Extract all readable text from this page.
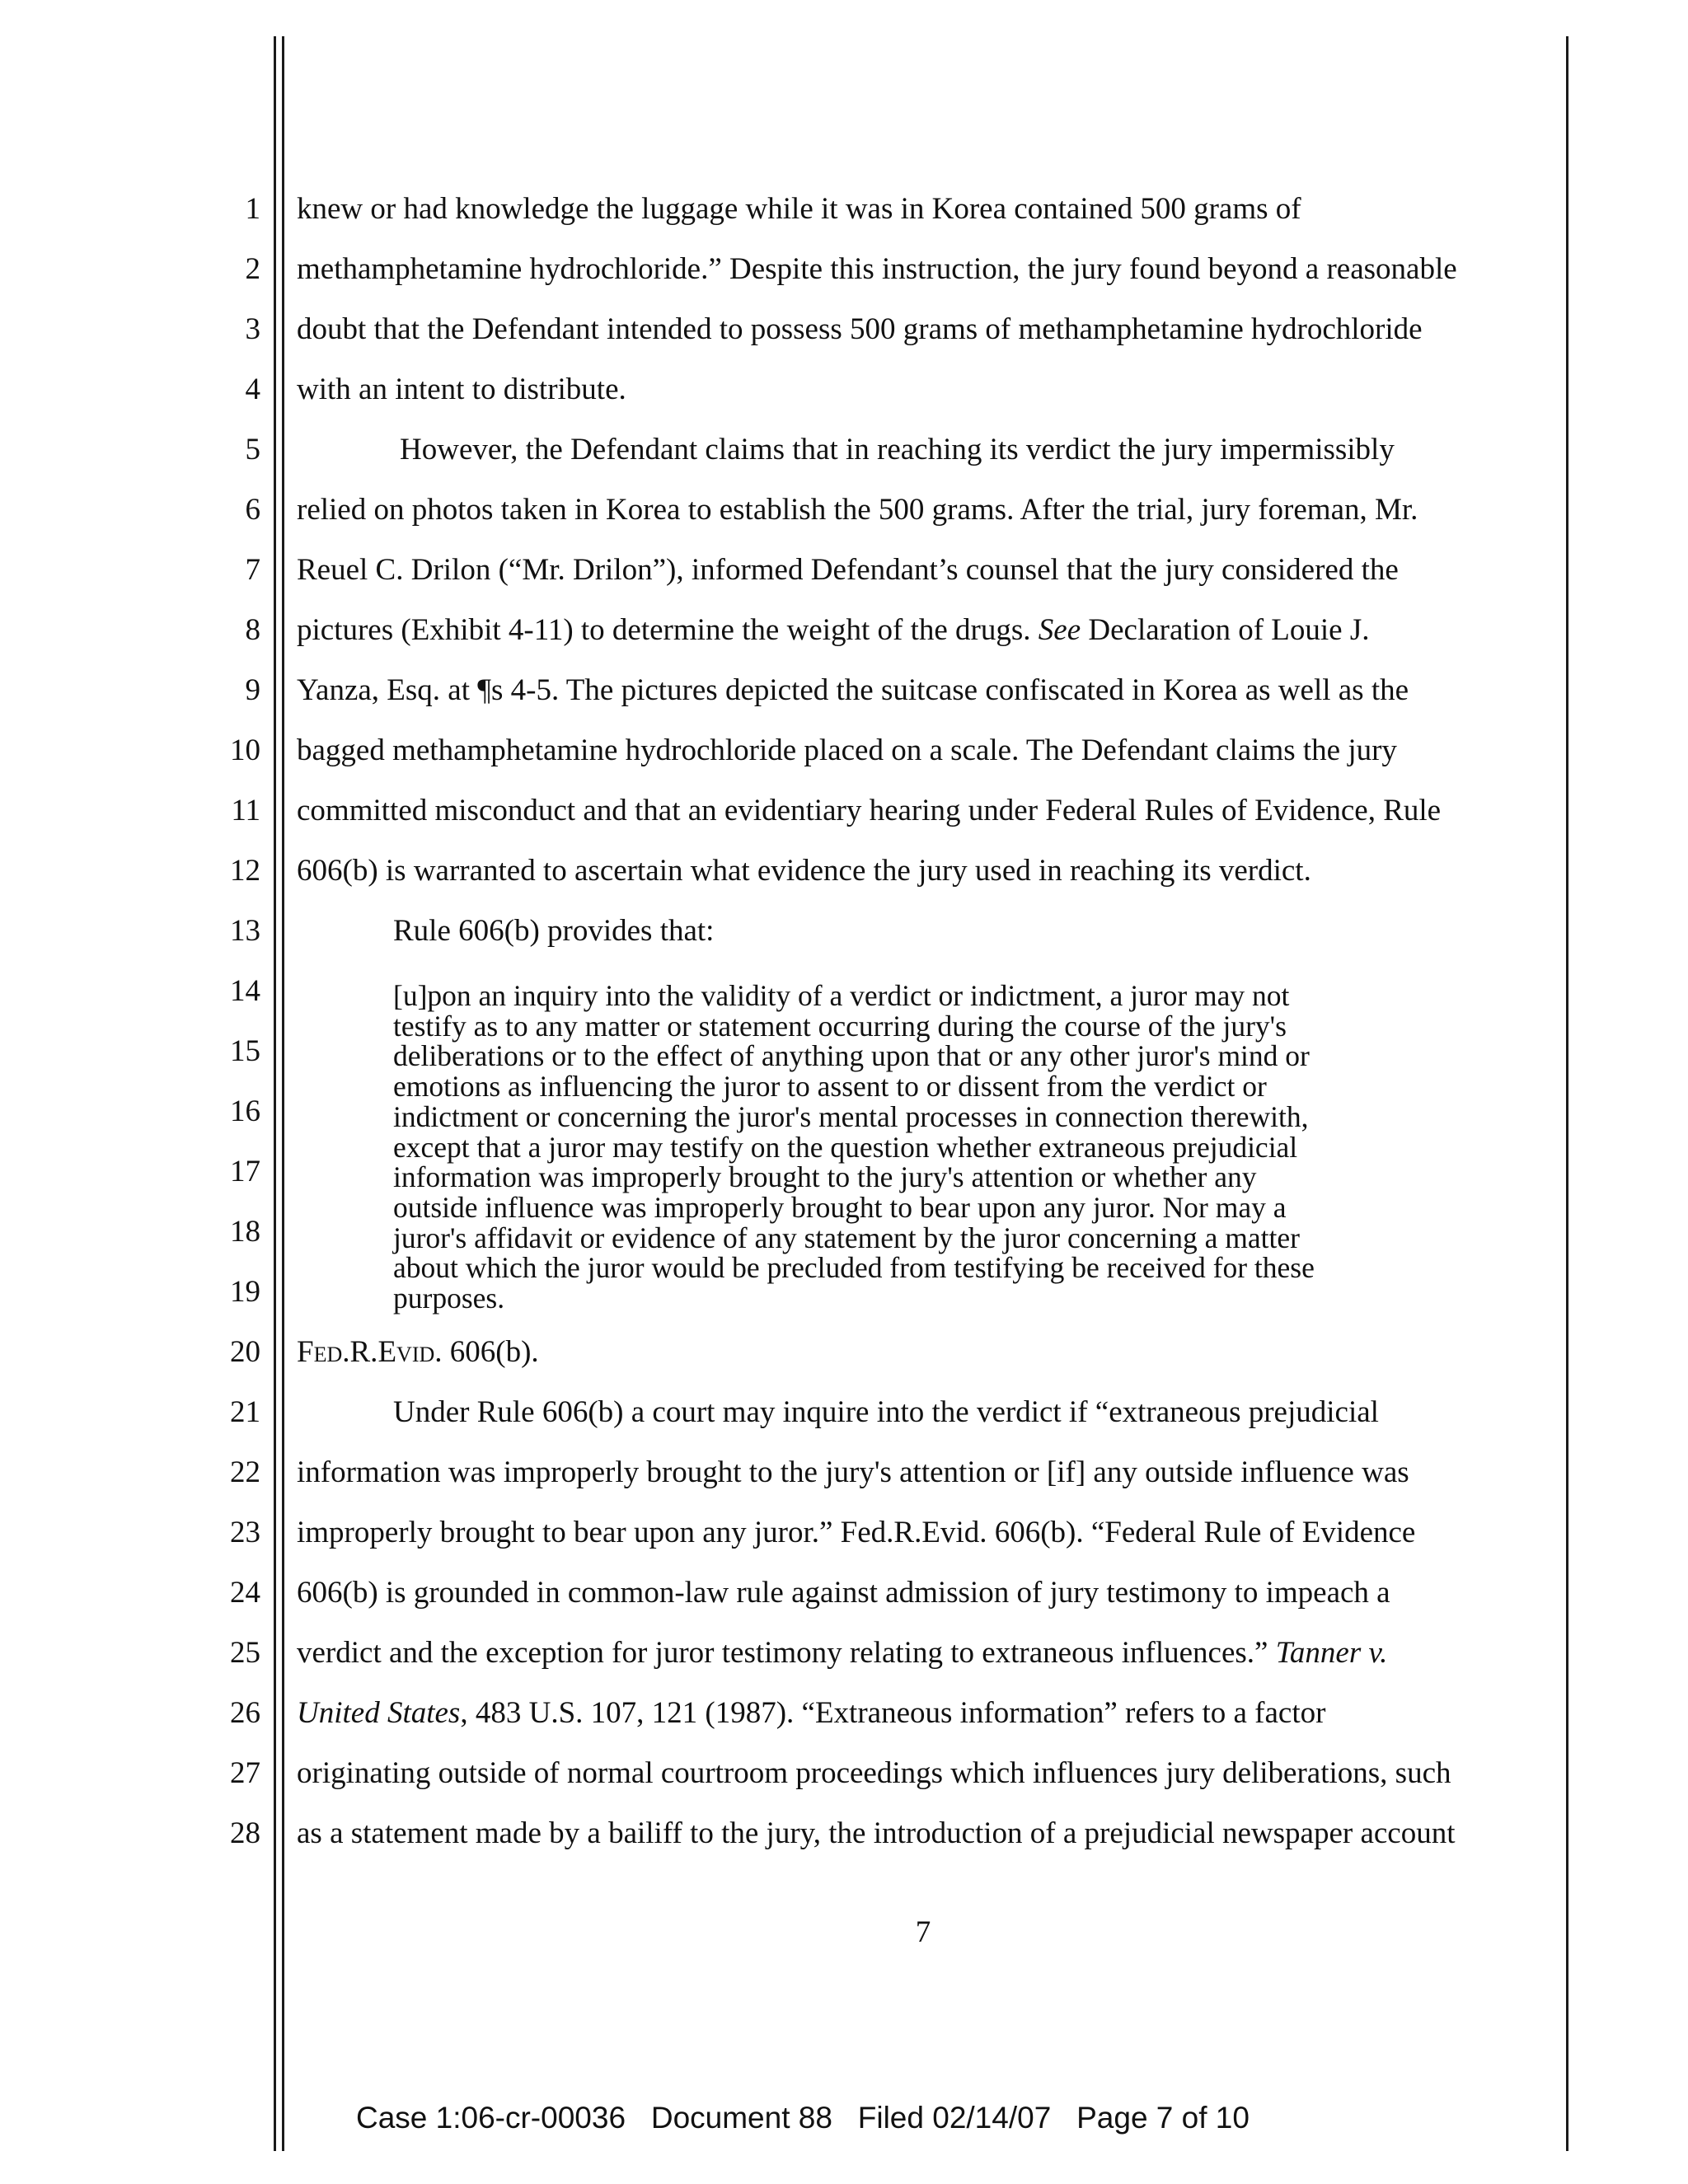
1
2
3
4
5
6
7
8
9
10
11
12
13
14
15
16
17
18
19
20
21
22
23
24
25
26
27
28
knew or had knowledge the luggage while it was in Korea contained 500 grams of
methamphetamine hydrochloride.” Despite this instruction, the jury found beyond a reasonable
doubt that the Defendant intended to possess 500 grams of methamphetamine hydrochloride
with an intent to distribute.
However, the Defendant claims that in reaching its verdict the jury impermissibly
relied on photos taken in Korea to establish the 500 grams. After the trial, jury foreman, Mr.
Reuel C. Drilon (“Mr. Drilon”), informed Defendant’s counsel that the jury considered the
pictures (Exhibit 4-11) to determine the weight of the drugs. See Declaration of Louie J.
Yanza, Esq. at ¶s 4-5. The pictures depicted the suitcase confiscated in Korea as well as the
bagged methamphetamine hydrochloride placed on a scale. The Defendant claims the jury
committed misconduct and that an evidentiary hearing under Federal Rules of Evidence, Rule
606(b) is warranted to ascertain what evidence the jury used in reaching its verdict.
Rule 606(b) provides that:
[u]pon an inquiry into the validity of a verdict or indictment, a juror may not
testify as to any matter or statement occurring during the course of the jury's
deliberations or to the effect of anything upon that or any other juror's mind or
emotions as influencing the juror to assent to or dissent from the verdict or
indictment or concerning the juror's mental processes in connection therewith,
except that a juror may testify on the question whether extraneous prejudicial
information was improperly brought to the jury's attention or whether any
outside influence was improperly brought to bear upon any juror. Nor may a
juror's affidavit or evidence of any statement by the juror concerning a matter
about which the juror would be precluded from testifying be received for these
purposes.
Fed.R.Evid. 606(b).
Under Rule 606(b) a court may inquire into the verdict if “extraneous prejudicial
information was improperly brought to the jury's attention or [if] any outside influence was
improperly brought to bear upon any juror.” Fed.R.Evid. 606(b). “Federal Rule of Evidence
606(b) is grounded in common-law rule against admission of jury testimony to impeach a
verdict and the exception for juror testimony relating to extraneous influences.” Tanner v.
United States, 483 U.S. 107, 121 (1987). “Extraneous information” refers to a factor
originating outside of normal courtroom proceedings which influences jury deliberations, such
as a statement made by a bailiff to the jury, the introduction of a prejudicial newspaper account
7
Case 1:06-cr-00036   Document 88   Filed 02/14/07   Page 7 of 10
